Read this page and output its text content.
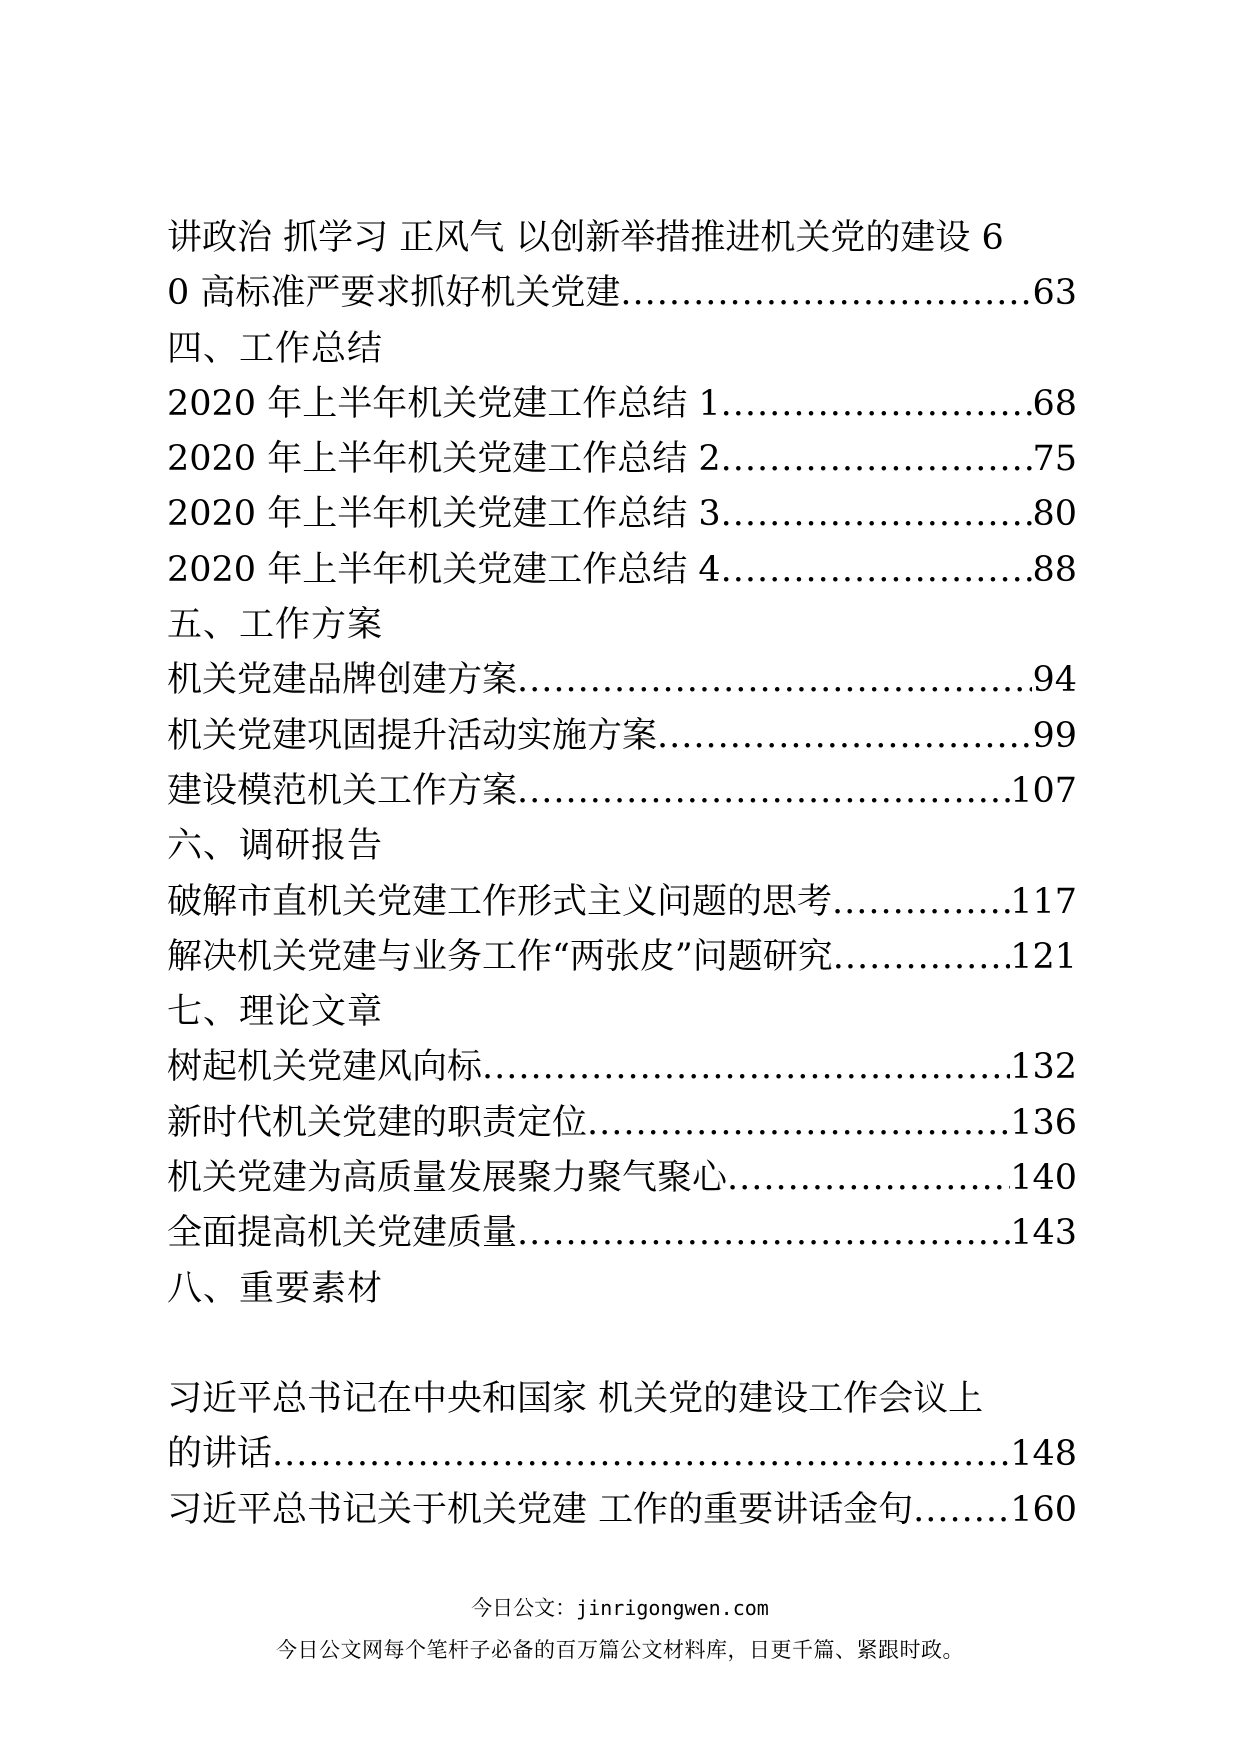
讲政治 抓学习 正风气 以创新举措推进机关党的建设 6
0 高标准严要求抓好机关党建 .....	63
四、工作总结
2020 年上半年机关党建工作总结 1 .....	68
2020 年上半年机关党建工作总结 2 .....	75
2020 年上半年机关党建工作总结 3 .....	80
2020 年上半年机关党建工作总结 4 .....	88
五、工作方案
机关党建品牌创建方案 .....	94
机关党建巩固提升活动实施方案 .....	99
建设模范机关工作方案 .....	107
六、调研报告
破解市直机关党建工作形式主义问题的思考 .....	117
解决机关党建与业务工作“两张皮”问题研究 .....	121
七、理论文章
树起机关党建风向标 .....	132
新时代机关党建的职责定位 .....	136
机关党建为高质量发展聚力聚气聚心 .....	140
全面提高机关党建质量 .....	143
八、重要素材
习近平总书记在中央和国家 机关党的建设工作会议上
的讲话 .....	148
习近平总书记关于机关党建 工作的重要讲话金句 .....	160
今日公文：jinrigongwen.com
今日公文网每个笔杆子必备的百万篇公文材料库，日更千篇、紧跟时政。
